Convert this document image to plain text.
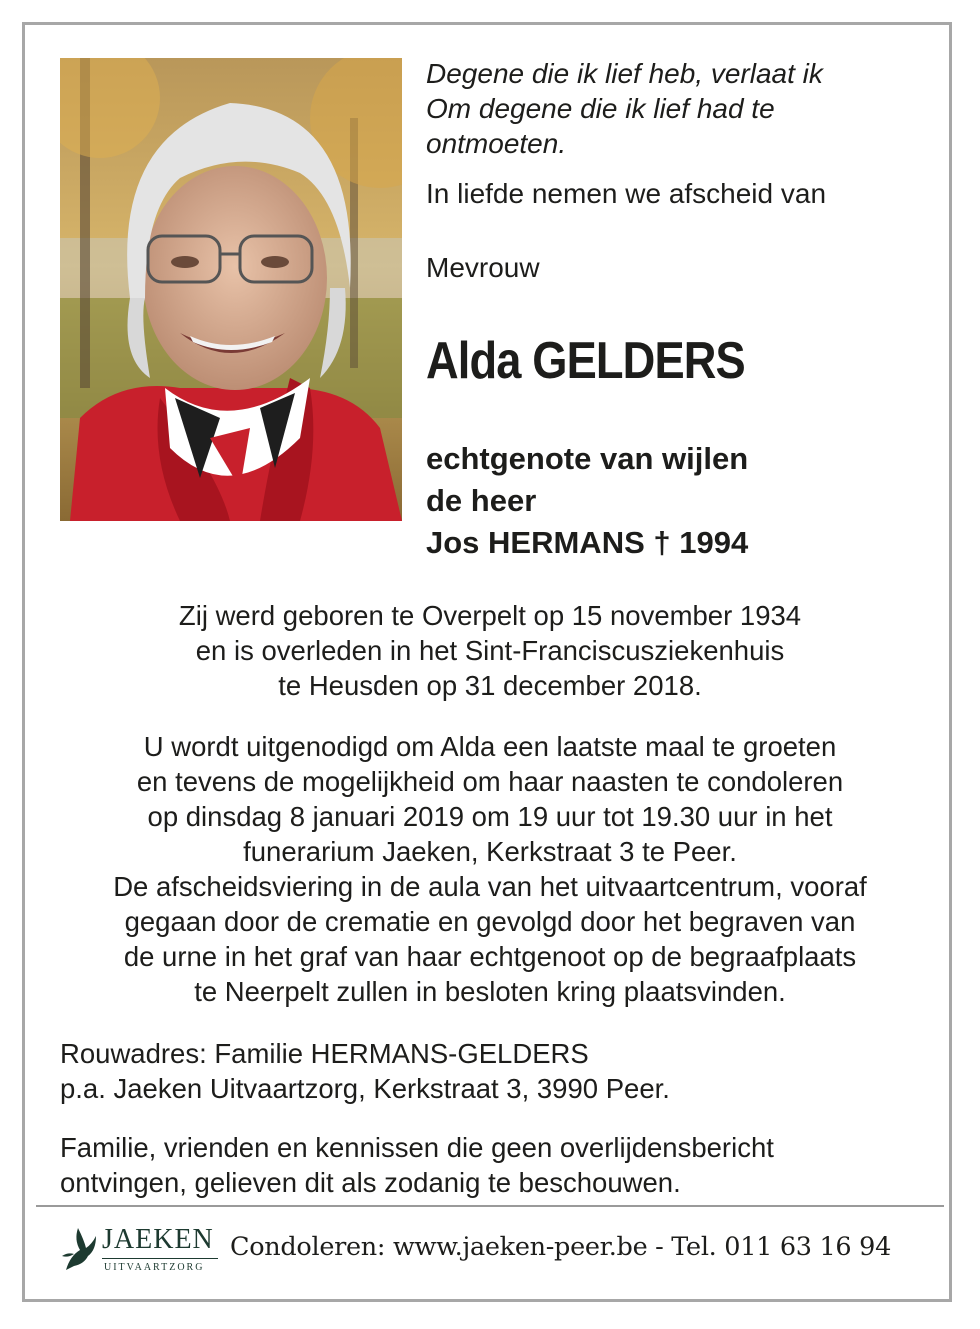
Degene die ik lief heb, verlaat ik
Om degene die ik lief had te
ontmoeten.
In liefde nemen we afscheid van
Mevrouw
Alda GELDERS
echtgenote van wijlen
de heer
Jos HERMANS † 1994
Zij werd geboren te Overpelt op 15 november 1934
en is overleden in het Sint-Franciscusziekenhuis
te Heusden op 31 december 2018.
U wordt uitgenodigd om Alda een laatste maal te groeten
en tevens de mogelijkheid om haar naasten te condoleren
op dinsdag 8 januari 2019 om 19 uur tot 19.30 uur in het
funerarium Jaeken, Kerkstraat 3 te Peer.
De afscheidsviering in de aula van het uitvaartcentrum, vooraf
gegaan door de crematie en gevolgd door het begraven van
de urne in het graf van haar echtgenoot op de begraafplaats
te Neerpelt zullen in besloten kring plaatsvinden.
Rouwadres: Familie HERMANS-GELDERS
p.a. Jaeken Uitvaartzorg, Kerkstraat 3, 3990 Peer.
Familie, vrienden en kennissen die geen overlijdensbericht
ontvingen, gelieven dit als zodanig te beschouwen.
JAEKEN
UITVAARTZORG
Condoleren: www.jaeken-peer.be - Tel. 011 63 16 94
